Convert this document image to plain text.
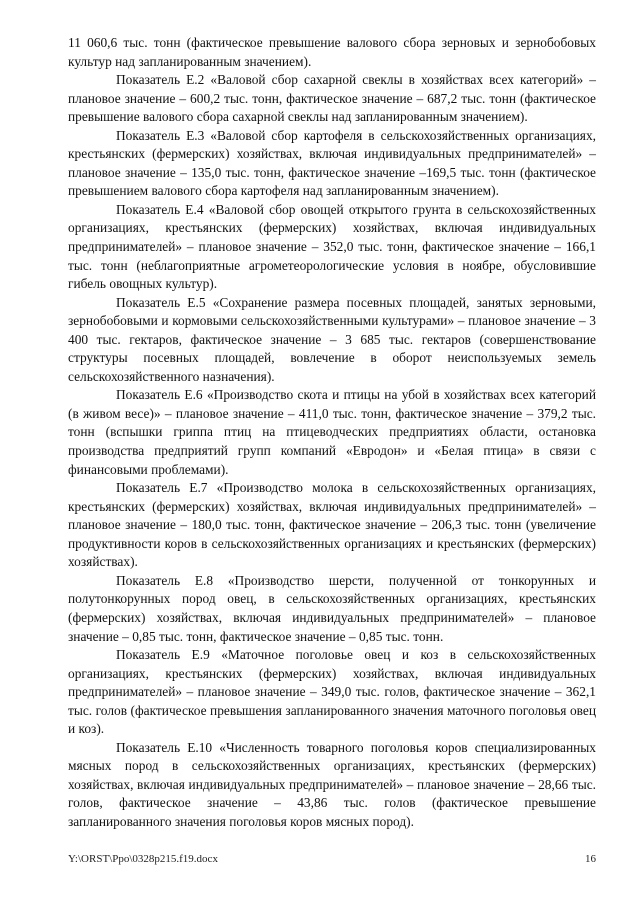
11 060,6 тыс. тонн (фактическое превышение валового сбора зерновых и зернобобовых культур над запланированным значением).

Показатель Е.2 «Валовой сбор сахарной свеклы в хозяйствах всех категорий» – плановое значение – 600,2 тыс. тонн, фактическое значение – 687,2 тыс. тонн (фактическое превышение валового сбора сахарной свеклы над запланированным значением).

Показатель Е.3 «Валовой сбор картофеля в сельскохозяйственных организациях, крестьянских (фермерских) хозяйствах, включая индивидуальных предпринимателей» – плановое значение – 135,0 тыс. тонн, фактическое значение –169,5 тыс. тонн (фактическое превышением валового сбора картофеля над запланированным значением).

Показатель Е.4 «Валовой сбор овощей открытого грунта в сельскохозяйственных организациях, крестьянских (фермерских) хозяйствах, включая индивидуальных предпринимателей» – плановое значение – 352,0 тыс. тонн, фактическое значение – 166,1 тыс. тонн (неблагоприятные агрометеорологические условия в ноябре, обусловившие гибель овощных культур).

Показатель Е.5 «Сохранение размера посевных площадей, занятых зерновыми, зернобобовыми и кормовыми сельскохозяйственными культурами» – плановое значение – 3 400 тыс. гектаров, фактическое значение – 3 685 тыс. гектаров (совершенствование структуры посевных площадей, вовлечение в оборот неиспользуемых земель сельскохозяйственного назначения).

Показатель Е.6 «Производство скота и птицы на убой в хозяйствах всех категорий (в живом весе)» – плановое значение – 411,0 тыс. тонн, фактическое значение – 379,2 тыс. тонн (вспышки гриппа птиц на птицеводческих предприятиях области, остановка производства предприятий групп компаний «Евродон» и «Белая птица» в связи с финансовыми проблемами).

Показатель Е.7 «Производство молока в сельскохозяйственных организациях, крестьянских (фермерских) хозяйствах, включая индивидуальных предпринимателей» – плановое значение – 180,0 тыс. тонн, фактическое значение – 206,3 тыс. тонн (увеличение продуктивности коров в сельскохозяйственных организациях и крестьянских (фермерских) хозяйствах).

Показатель Е.8 «Производство шерсти, полученной от тонкорунных и полутонкорунных пород овец, в сельскохозяйственных организациях, крестьянских (фермерских) хозяйствах, включая индивидуальных предпринимателей» – плановое значение – 0,85 тыс. тонн, фактическое значение – 0,85 тыс. тонн.

Показатель Е.9 «Маточное поголовье овец и коз в сельскохозяйственных организациях, крестьянских (фермерских) хозяйствах, включая индивидуальных предпринимателей» – плановое значение – 349,0 тыс. голов, фактическое значение – 362,1 тыс. голов (фактическое превышения запланированного значения маточного поголовья овец и коз).

Показатель Е.10 «Численность товарного поголовья коров специализированных мясных пород в сельскохозяйственных организациях, крестьянских (фермерских) хозяйствах, включая индивидуальных предпринимателей» – плановое значение – 28,66 тыс. голов, фактическое значение – 43,86 тыс. голов (фактическое превышение запланированного значения поголовья коров мясных пород).

Y:\ORST\Ppo\0328p215.f19.docx	16
